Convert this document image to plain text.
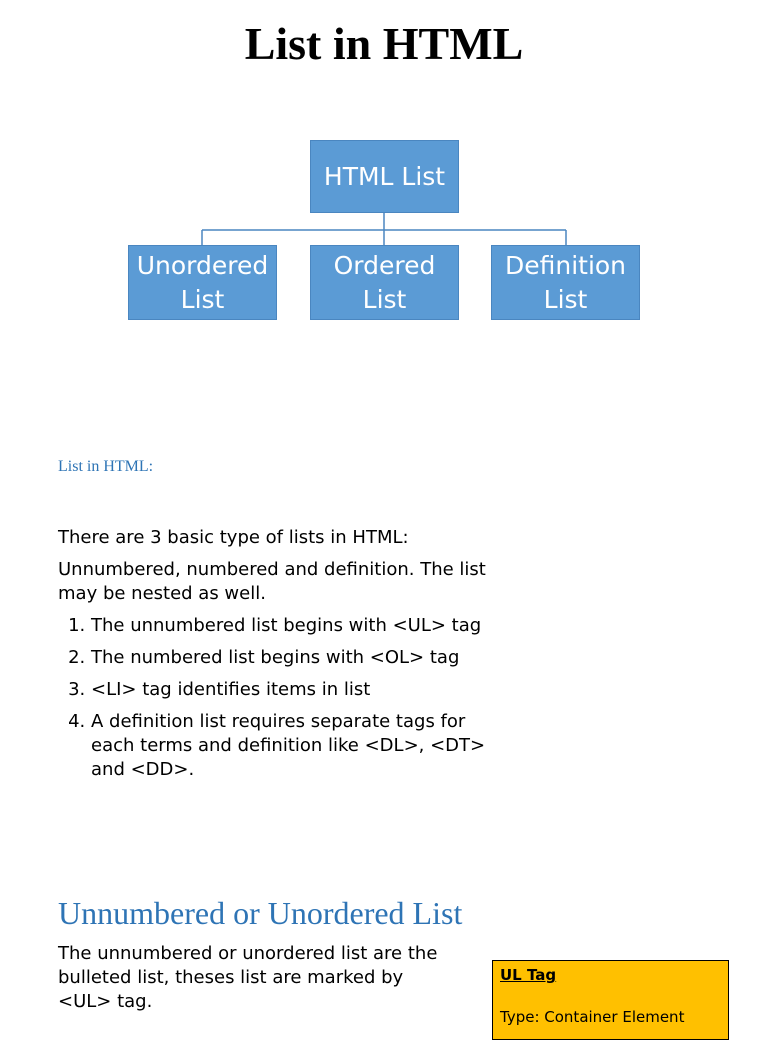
List in HTML
HTML List
Unordered
List
Ordered
List
Definition
List
List in HTML:

There are 3 basic type of lists in HTML:

Unnumbered, numbered and definition. The list may be nested as well.

1. The unnumbered list begins with <UL> tag
2. The numbered list begins with <OL> tag
3. <LI> tag identifies items in list
4. A definition list requires separate tags for each terms and definition like <DL>, <DT> and <DD>.
Unnumbered or Unordered List
The unnumbered or unordered list are the bulleted list, theses list are marked by <UL> tag.
UL Tag
Type: Container Element
